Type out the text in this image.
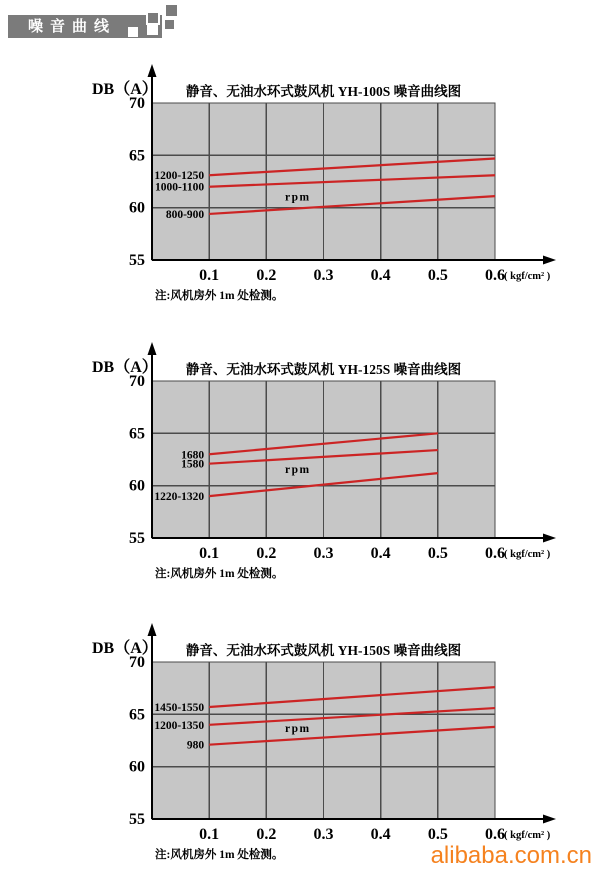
噪音曲线
DB（A）	静音、无油水环式鼓风机 YH-100S 噪音曲线图
70
65
60
55
0.1 0.2 0.3 0.4 0.5 0.6 ( kgf/cm² )
1200-1250
1000-1100
800-900
rpm
注:风机房外 1m 处检测。
DB（A）	静音、无油水环式鼓风机 YH-125S 噪音曲线图
70
65
60
55
0.1 0.2 0.3 0.4 0.5 0.6 ( kgf/cm² )
1680
1580
1220-1320
rpm
注:风机房外 1m 处检测。
DB（A）	静音、无油水环式鼓风机 YH-150S 噪音曲线图
70
65
60
55
0.1 0.2 0.3 0.4 0.5 0.6 ( kgf/cm² )
1450-1550
1200-1350
980
rpm
注:风机房外 1m 处检测。	alibaba.com.cn
